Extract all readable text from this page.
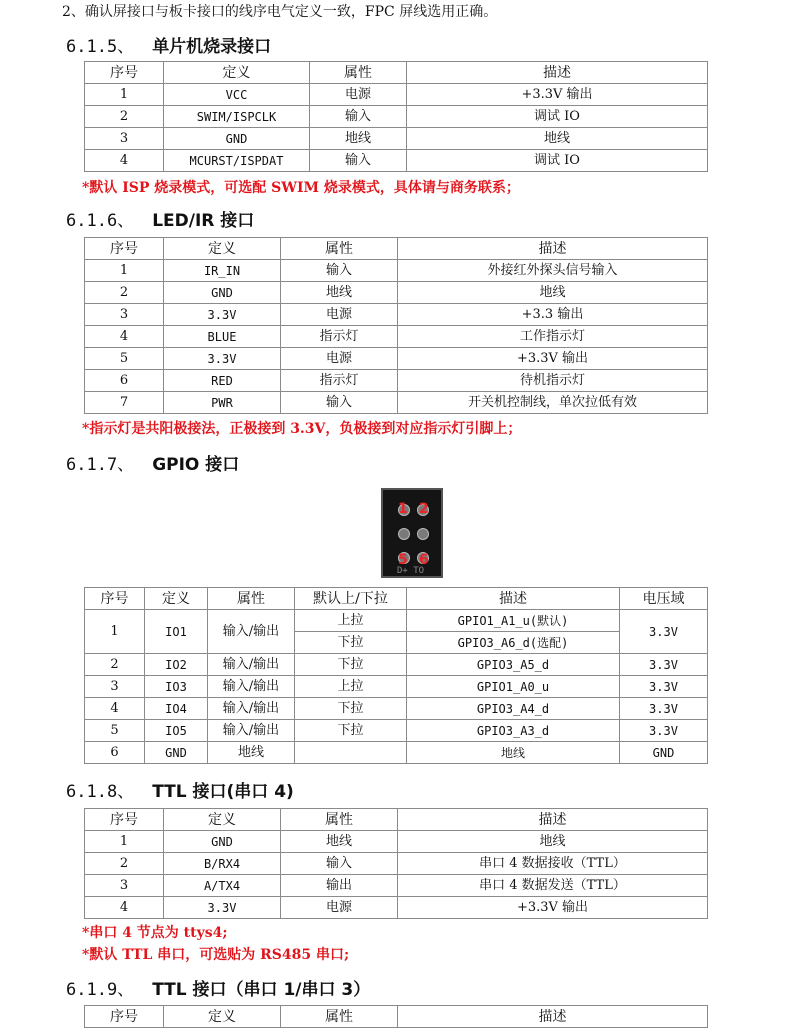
2、确认屏接口与板卡接口的线序电气定义一致，FPC 屏线选用正确。
6.1.5、 单片机烧录接口
序号	定义	属性	描述
1	VCC	电源	+3.3V 输出
2	SWIM/ISPCLK	输入	调试 IO
3	GND	地线	地线
4	MCURST/ISPDAT	输入	调试 IO
*默认 ISP 烧录模式，可选配 SWIM 烧录模式，具体请与商务联系；
6.1.6、 LED/IR 接口
序号	定义	属性	描述
1	IR_IN	输入	外接红外探头信号输入
2	GND	地线	地线
3	3.3V	电源	+3.3 输出
4	BLUE	指示灯	工作指示灯
5	3.3V	电源	+3.3V 输出
6	RED	指示灯	待机指示灯
7	PWR	输入	开关机控制线，单次拉低有效
*指示灯是共阳极接法，正极接到 3.3V，负极接到对应指示灯引脚上；
6.1.7、 GPIO 接口
1 2
5 6
D+ TO
序号	定义	属性	默认上/下拉	描述	电压域
1	IO1	输入/输出	上拉	GPIO1_A1_u(默认)	3.3V
			下拉	GPIO3_A6_d(选配)	
2	IO2	输入/输出	下拉	GPIO3_A5_d	3.3V
3	IO3	输入/输出	上拉	GPIO1_A0_u	3.3V
4	IO4	输入/输出	下拉	GPIO3_A4_d	3.3V
5	IO5	输入/输出	下拉	GPIO3_A3_d	3.3V
6	GND	地线		地线	GND
6.1.8、 TTL 接口(串口 4)
序号	定义	属性	描述
1	GND	地线	地线
2	B/RX4	输入	串口 4 数据接收（TTL）
3	A/TX4	输出	串口 4 数据发送（TTL）
4	3.3V	电源	+3.3V 输出
*串口 4 节点为 ttys4;
*默认 TTL 串口，可选贴为 RS485 串口;
6.1.9、 TTL 接口（串口 1/串口 3）
序号	定义	属性	描述
